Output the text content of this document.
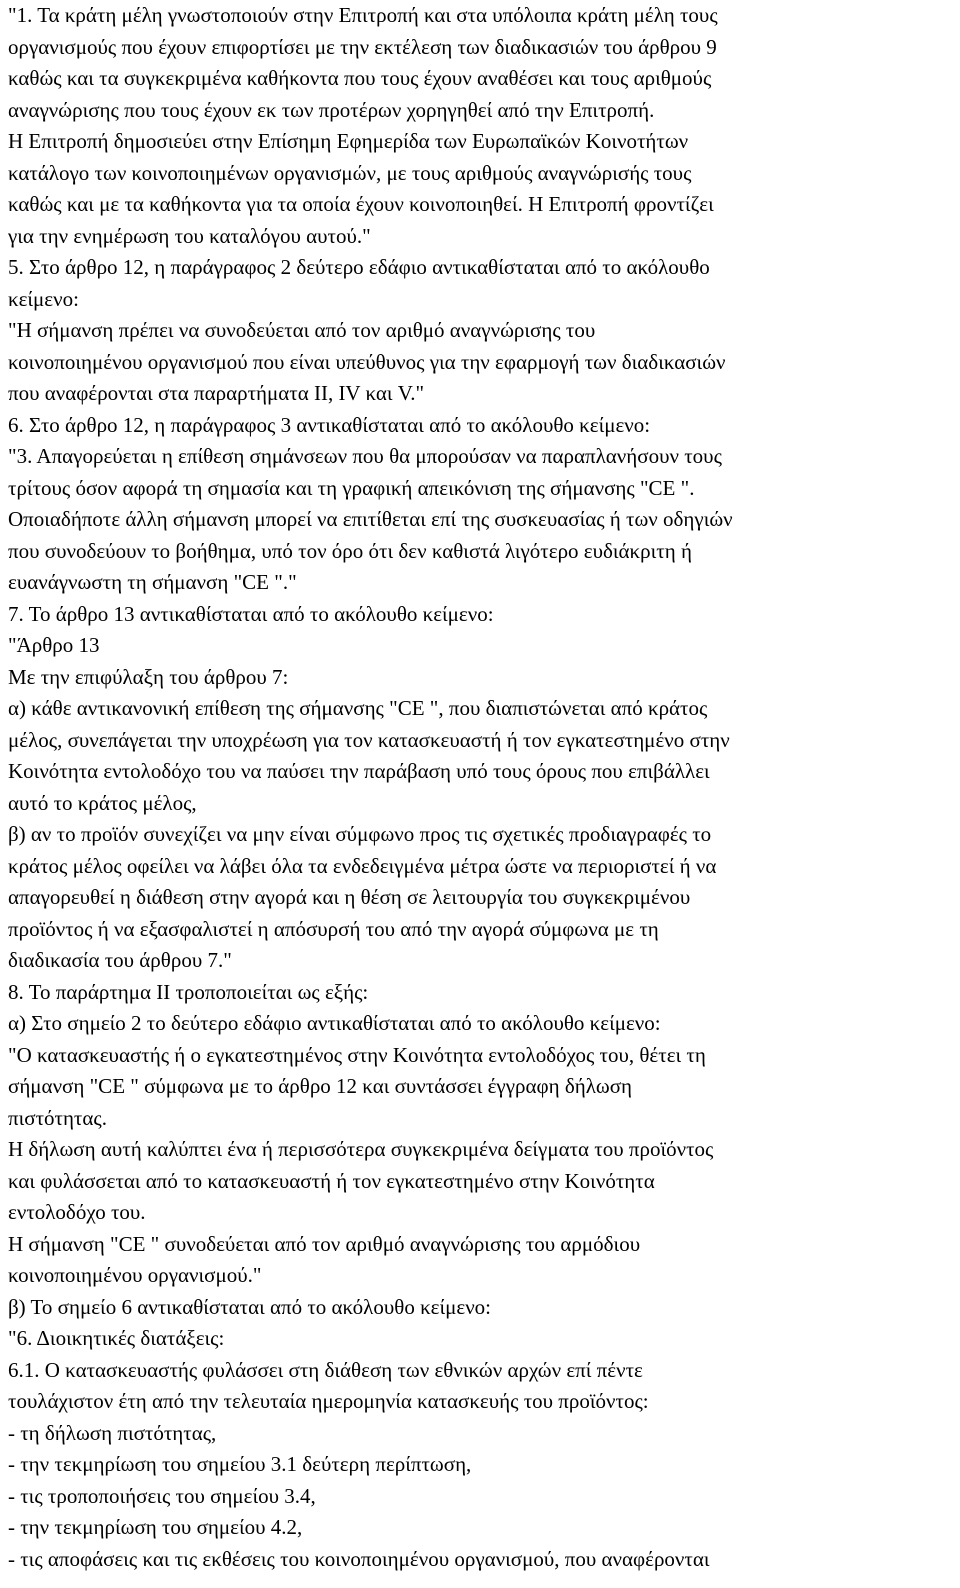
"1. Τα κράτη μέλη γνωστοποιούν στην Επιτροπή και στα υπόλοιπα κράτη μέλη τους
οργανισμούς που έχουν επιφορτίσει με την εκτέλεση των διαδικασιών του άρθρου 9
καθώς και τα συγκεκριμένα καθήκοντα που τους έχουν αναθέσει και τους αριθμούς
αναγνώρισης που τους έχουν εκ των προτέρων χορηγηθεί από την Επιτροπή.
Η Επιτροπή δημοσιεύει στην Επίσημη Εφημερίδα των Ευρωπαϊκών Κοινοτήτων
κατάλογο των κοινοποιημένων οργανισμών, με τους αριθμούς αναγνώρισής τους
καθώς και με τα καθήκοντα για τα οποία έχουν κοινοποιηθεί. Η Επιτροπή φροντίζει
για την ενημέρωση του καταλόγου αυτού."
5. Στο άρθρο 12, η παράγραφος 2 δεύτερο εδάφιο αντικαθίσταται από το ακόλουθο
κείμενο:
"Η σήμανση πρέπει να συνοδεύεται από τον αριθμό αναγνώρισης του
κοινοποιημένου οργανισμού που είναι υπεύθυνος για την εφαρμογή των διαδικασιών
που αναφέρονται στα παραρτήματα II, IV και V."
6. Στο άρθρο 12, η παράγραφος 3 αντικαθίσταται από το ακόλουθο κείμενο:
"3. Απαγορεύεται η επίθεση σημάνσεων που θα μπορούσαν να παραπλανήσουν τους
τρίτους όσον αφορά τη σημασία και τη γραφική απεικόνιση της σήμανσης "CE ".
Οποιαδήποτε άλλη σήμανση μπορεί να επιτίθεται επί της συσκευασίας ή των οδηγιών
που συνοδεύουν το βοήθημα, υπό τον όρο ότι δεν καθιστά λιγότερο ευδιάκριτη ή
ευανάγνωστη τη σήμανση "CE "."
7. Το άρθρο 13 αντικαθίσταται από το ακόλουθο κείμενο:
"Άρθρο 13
Με την επιφύλαξη του άρθρου 7:
α) κάθε αντικανονική επίθεση της σήμανσης "CE ", που διαπιστώνεται από κράτος
μέλος, συνεπάγεται την υποχρέωση για τον κατασκευαστή ή τον εγκατεστημένο στην
Κοινότητα εντολοδόχο του να παύσει την παράβαση υπό τους όρους που επιβάλλει
αυτό το κράτος μέλος,
β) αν το προϊόν συνεχίζει να μην είναι σύμφωνο προς τις σχετικές προδιαγραφές το
κράτος μέλος οφείλει να λάβει όλα τα ενδεδειγμένα μέτρα ώστε να περιοριστεί ή να
απαγορευθεί η διάθεση στην αγορά και η θέση σε λειτουργία του συγκεκριμένου
προϊόντος ή να εξασφαλιστεί η απόσυρσή του από την αγορά σύμφωνα με τη
διαδικασία του άρθρου 7."
8. Το παράρτημα II τροποποιείται ως εξής:
α) Στο σημείο 2 το δεύτερο εδάφιο αντικαθίσταται από το ακόλουθο κείμενο:
"Ο κατασκευαστής ή ο εγκατεστημένος στην Κοινότητα εντολοδόχος του, θέτει τη
σήμανση "CE " σύμφωνα με το άρθρο 12 και συντάσσει έγγραφη δήλωση
πιστότητας.
Η δήλωση αυτή καλύπτει ένα ή περισσότερα συγκεκριμένα δείγματα του προϊόντος
και φυλάσσεται από το κατασκευαστή ή τον εγκατεστημένο στην Κοινότητα
εντολοδόχο του.
Η σήμανση "CE " συνοδεύεται από τον αριθμό αναγνώρισης του αρμόδιου
κοινοποιημένου οργανισμού."
β) Το σημείο 6 αντικαθίσταται από το ακόλουθο κείμενο:
"6. Διοικητικές διατάξεις:
6.1. Ο κατασκευαστής φυλάσσει στη διάθεση των εθνικών αρχών επί πέντε
τουλάχιστον έτη από την τελευταία ημερομηνία κατασκευής του προϊόντος:
- τη δήλωση πιστότητας,
- την τεκμηρίωση του σημείου 3.1 δεύτερη περίπτωση,
- τις τροποποιήσεις του σημείου 3.4,
- την τεκμηρίωση του σημείου 4.2,
- τις αποφάσεις και τις εκθέσεις του κοινοποιημένου οργανισμού, που αναφέρονται
